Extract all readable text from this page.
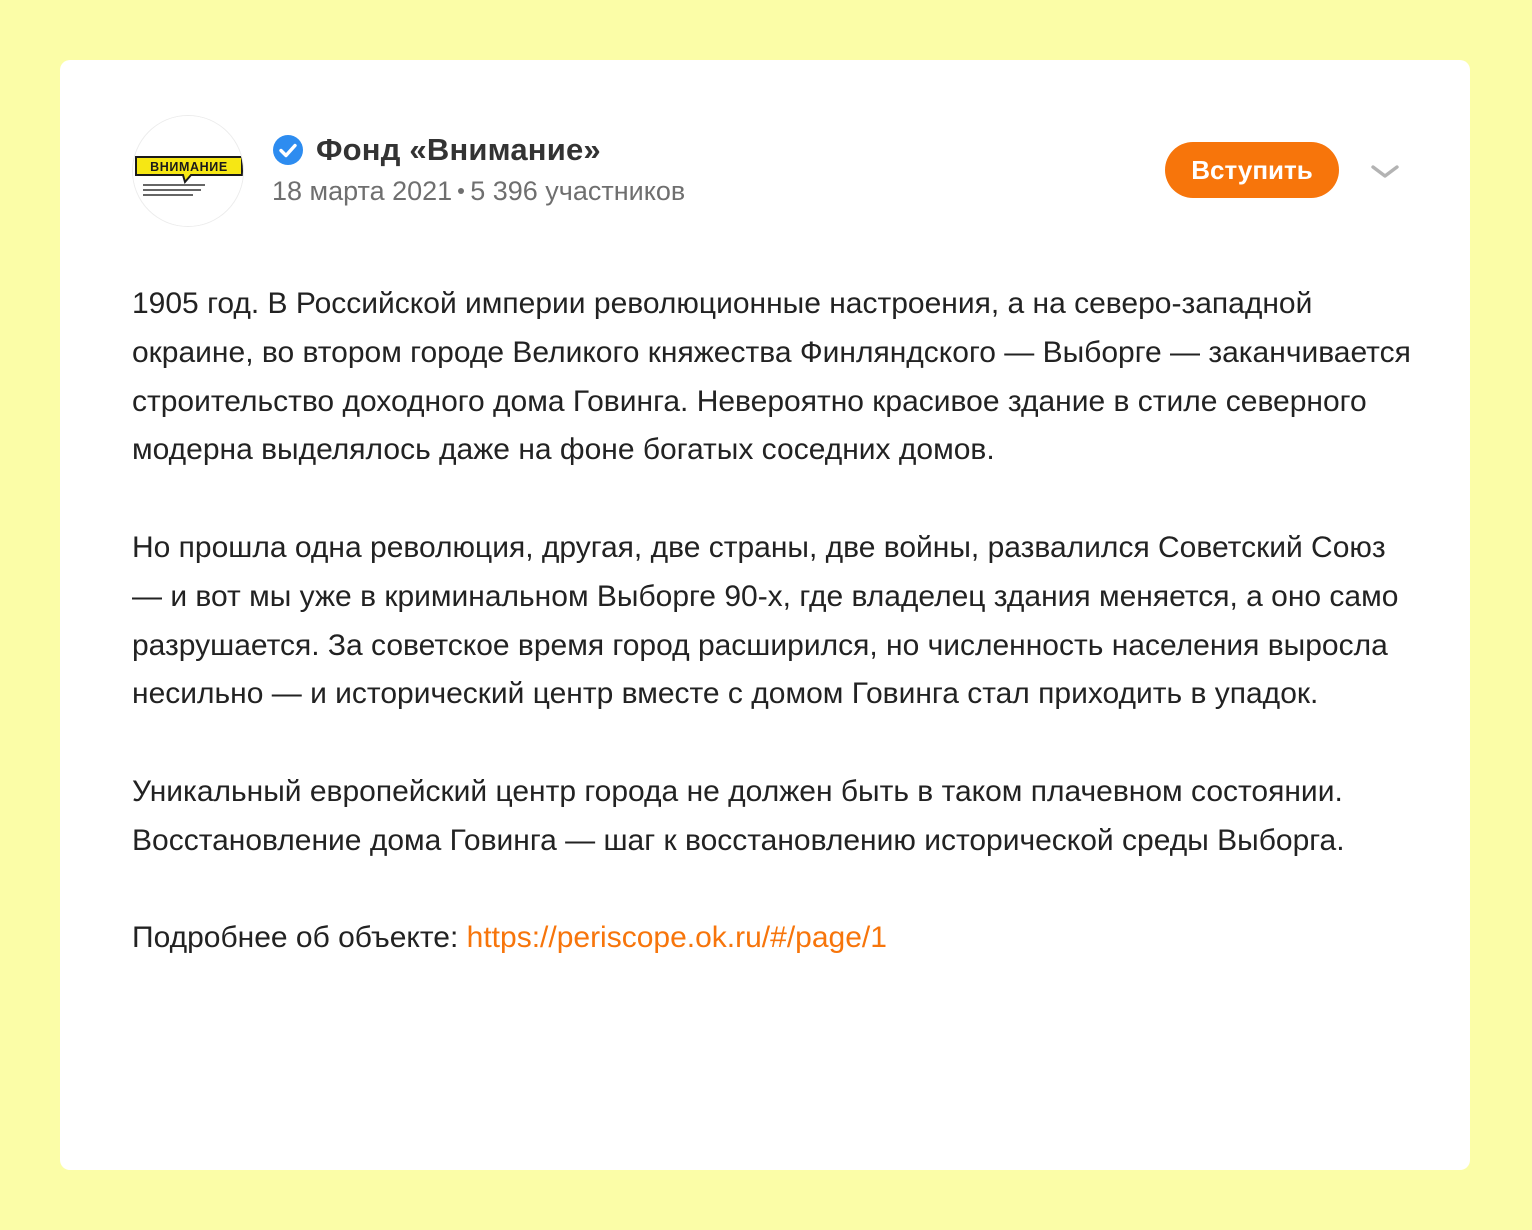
ВНИМАНИЕ	Фонд «Внимание»
18 марта 2021 5 396 участников
Вступить

1905 год. В Российской империи революционные настроения, а на северо-западной окраине, во втором городе Великого княжества Финляндского — Выборге — заканчивается строительство доходного дома Говинга. Невероятно красивое здание в стиле северного модерна выделялось даже на фоне богатых соседних домов.

Но прошла одна революция, другая, две страны, две войны, развалился Советский Союз — и вот мы уже в криминальном Выборге 90-х, где владелец здания меняется, а оно само разрушается. За советское время город расширился, но численность населения выросла несильно — и исторический центр вместе с домом Говинга стал приходить в упадок.

Уникальный европейский центр города не должен быть в таком плачевном состоянии. Восстановление дома Говинга — шаг к восстановлению исторической среды Выборга.

Подробнее об объекте: https://periscope.ok.ru/#/page/1
